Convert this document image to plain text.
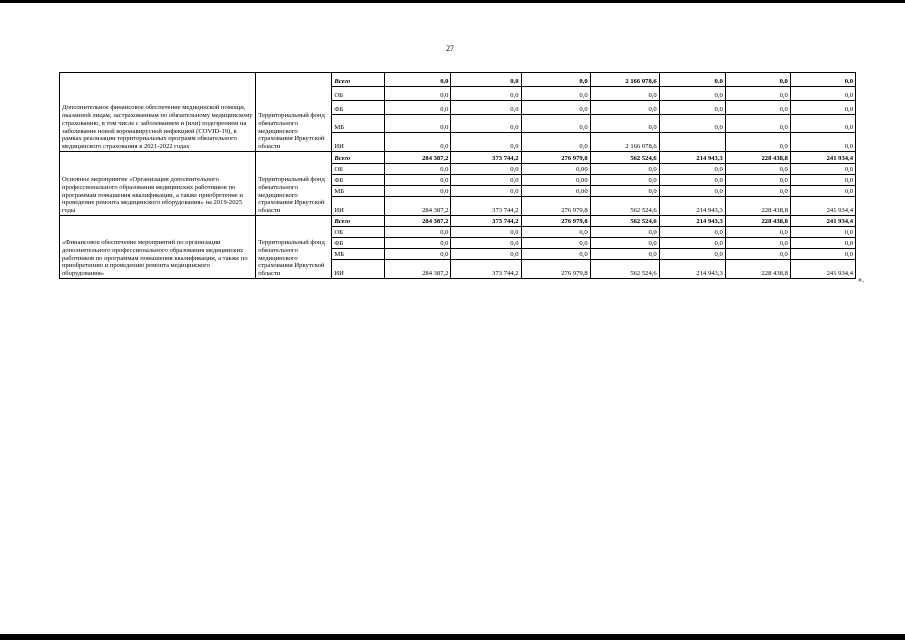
27
Дополнительное финансовое обеспечение медицинской помощи, оказанной лицам, застрахованным по обязательному медицинскому страхованию, в том числе с заболеванием и (или) подозрением на заболевание новой коронавирусной инфекцией (COVID-19), в рамках реализации территориальных программ обязательного медицинского страхования в 2021-2022 годах	Территориальный фонд обязательного медицинского страхования Иркутской области	Всего	0,0	0,0	0,0	2 166 078,6	0,0	0,0	0,0
		ОБ	0,0	0,0	0,0	0,0	0,0	0,0	0,0
		ФБ	0,0	0,0	0,0	0,0	0,0	0,0	0,0
		МБ	0,0	0,0	0,0	0,0	0,0	0,0	0,0
		ИИ	0,0	0,0	0,0	2 166 078,6		0,0	0,0
Основное мероприятие «Организация дополнительного профессионального образования медицинских работников по программам повышения квалификации, а также приобретение и проведение ремонта медицинского оборудования» на 2019-2025 годы	Территориальный фонд обязательного медицинского страхования Иркутской области	Всего	284 387,2	373 744,2	276 979,8	562 524,6	214 943,3	228 438,8	241 934,4
		ОБ	0,0	0,0	0,00	0,0	0,0	0,0	0,0
		ФБ	0,0	0,0	0,00	0,0	0,0	0,0	0,0
		МБ	0,0	0,0	0,00	0,0	0,0	0,0	0,0
		ИИ	284 387,2	373 744,2	276 979,8	562 524,6	214 943,3	228 438,8	241 934,4
«Финансовое обеспечение мероприятий по организации дополнительного профессионального образования медицинских работников по программам повышения квалификации, а также по приобретению и проведению ремонта медицинского оборудования»	Территориальный фонд обязательного медицинского страхования Иркутской области	Всего	284 387,2	373 744,2	276 979,8	562 524,6	214 943,3	228 438,8	241 934,4
		ОБ	0,0	0,0	0,0	0,0	0,0	0,0	0,0
		ФБ	0,0	0,0	0,0	0,0	0,0	0,0	0,0
		МБ	0,0	0,0	0,0	0,0	0,0	0,0	0,0
		ИИ	284 387,2	373 744,2	276 979,8	562 524,6	214 943,3	228 438,8	241 934,4
».
